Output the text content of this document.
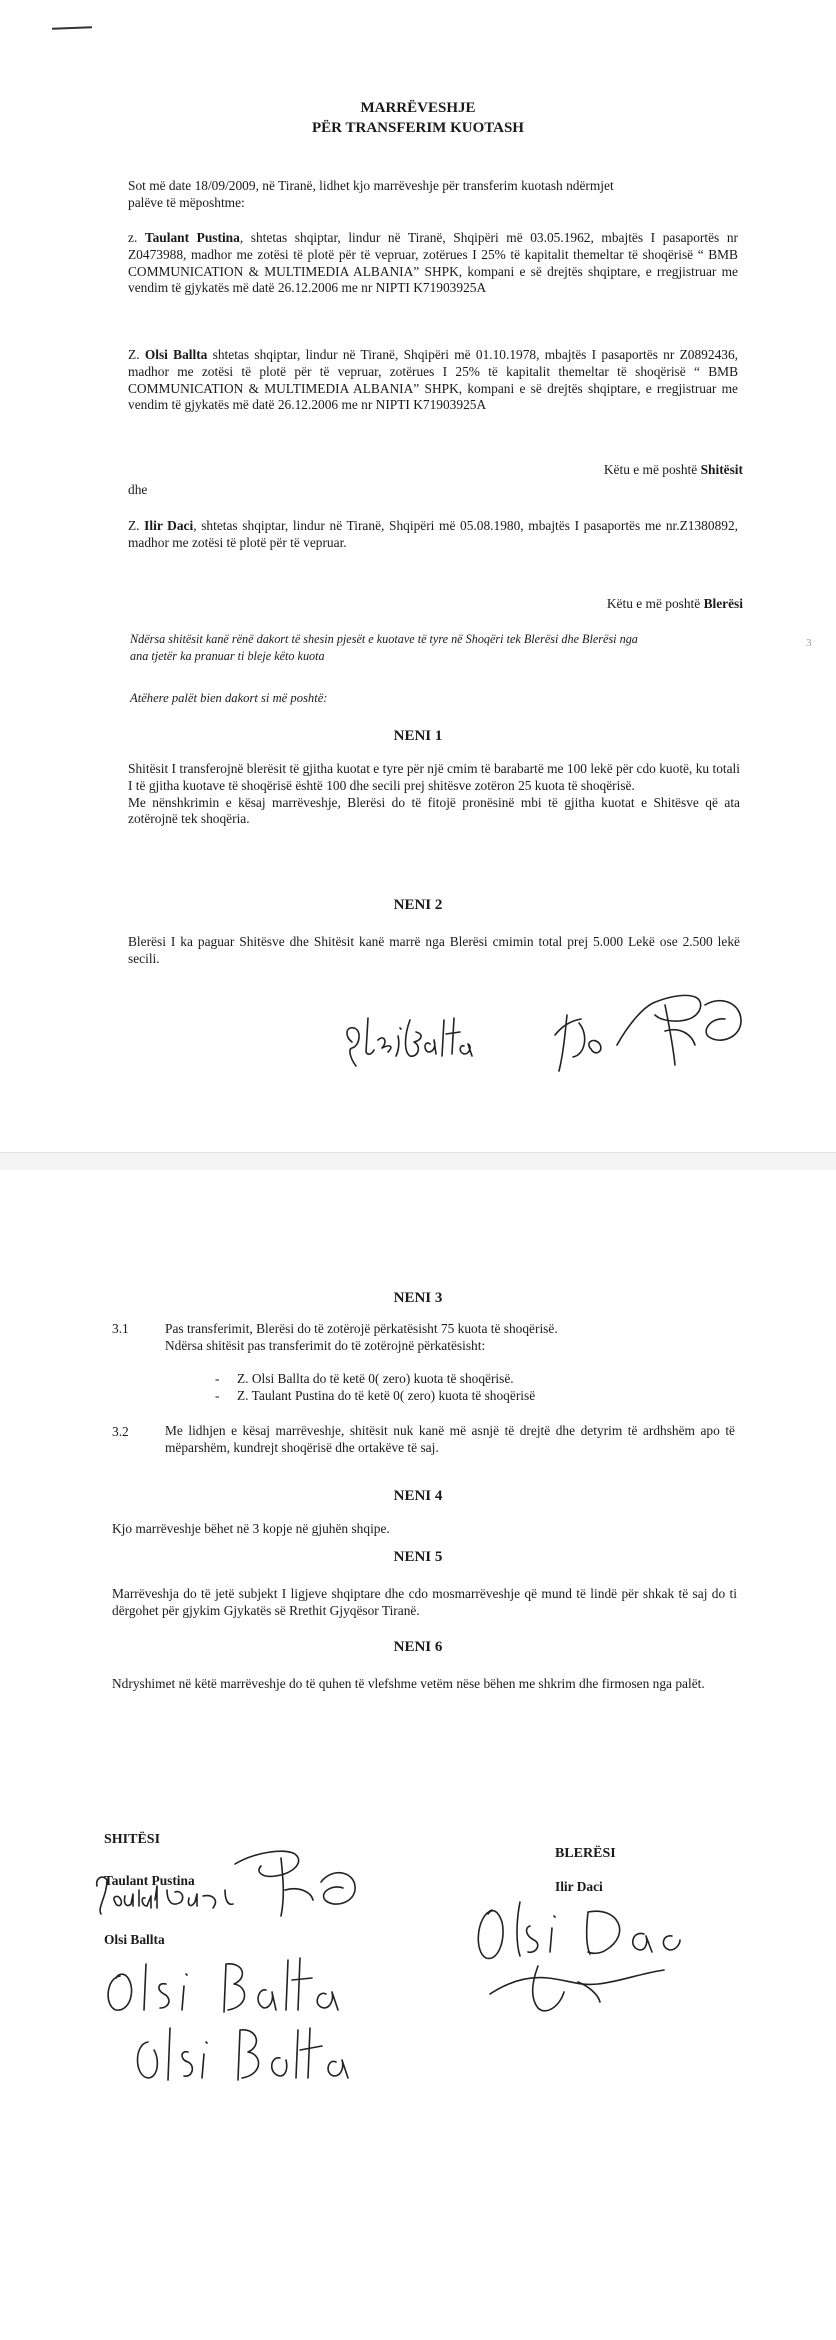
MARRËVESHJE
PËR TRANSFERIM KUOTASH
Sot më date 18/09/2009, në Tiranë, lidhet kjo marrëveshje për transferim kuotash ndërmjet
palëve të mëposhtme:
z. Taulant Pustina, shtetas shqiptar, lindur në Tiranë, Shqipëri më 03.05.1962, mbajtës I pasaportës nr Z0473988, madhor me zotësi të plotë për të vepruar, zotërues I 25% të kapitalit themeltar të shoqërisë “ BMB COMMUNICATION & MULTIMEDIA ALBANIA” SHPK, kompani e së drejtës shqiptare, e rregjistruar me vendim të gjykatës më datë 26.12.2006 me nr NIPTI K71903925A
Z. Olsi Ballta shtetas shqiptar, lindur në Tiranë, Shqipëri më 01.10.1978, mbajtës I pasaportës nr Z0892436, madhor me zotësi të plotë për të vepruar, zotërues I 25% të kapitalit themeltar të shoqërisë “ BMB COMMUNICATION & MULTIMEDIA ALBANIA” SHPK, kompani e së drejtës shqiptare, e rregjistruar me vendim të gjykatës më datë 26.12.2006 me nr NIPTI K71903925A
Këtu e më poshtë Shitësit
dhe
Z. Ilir Daci, shtetas shqiptar, lindur në Tiranë, Shqipëri më 05.08.1980, mbajtës I pasaportës me nr.Z1380892, madhor me zotësi të plotë për të vepruar.
Këtu e më poshtë Blerësi
Ndërsa shitësit kanë rënë dakort të shesin pjesët e kuotave të tyre në Shoqëri tek Blerësi dhe Blerësi nga
ana tjetër ka pranuar ti bleje këto kuota
3
Atëhere palët bien dakort si më poshtë:
NENI 1
Shitësit I transferojnë blerësit të gjitha kuotat e tyre për një cmim të barabartë me 100 lekë për cdo kuotë, ku totali I të gjitha kuotave të shoqërisë është 100 dhe secili prej shitësve zotëron 25 kuota të shoqërisë.
Me nënshkrimin e kësaj marrëveshje, Blerësi do të fitojë pronësinë mbi të gjitha kuotat e Shitësve që ata zotërojnë tek shoqëria.
NENI 2
Blerësi I ka paguar Shitësve dhe Shitësit kanë marrë nga Blerësi cmimin total prej 5.000 Lekë ose 2.500 lekë secili.
NENI 3
3.1	Pas transferimit, Blerësi do të zotërojë përkatësisht 75 kuota të shoqërisë.
Ndërsa shitësit pas transferimit do të zotërojnë përkatësisht:
- Z. Olsi Ballta do të ketë 0( zero) kuota të shoqërisë.
- Z. Taulant Pustina do të ketë 0( zero) kuota të shoqërisë
3.2	Me lidhjen e kësaj marrëveshje, shitësit nuk kanë më asnjë të drejtë dhe detyrim të ardhshëm apo të mëparshëm, kundrejt shoqërisë dhe ortakëve të saj.
NENI 4
Kjo marrëveshje bëhet në 3 kopje në gjuhën shqipe.
NENI 5
Marrëveshja do të jetë subjekt I ligjeve shqiptare dhe cdo mosmarrëveshje që mund të lindë për shkak të saj do ti dërgohet për gjykim Gjykatës së Rrethit Gjyqësor Tiranë.
NENI 6
Ndryshimet në këtë marrëveshje do të quhen të vlefshme vetëm nëse bëhen me shkrim dhe firmosen nga palët.
SHITËSI
Taulant Pustina
Olsi Ballta
BLERËSI
Ilir Daci
